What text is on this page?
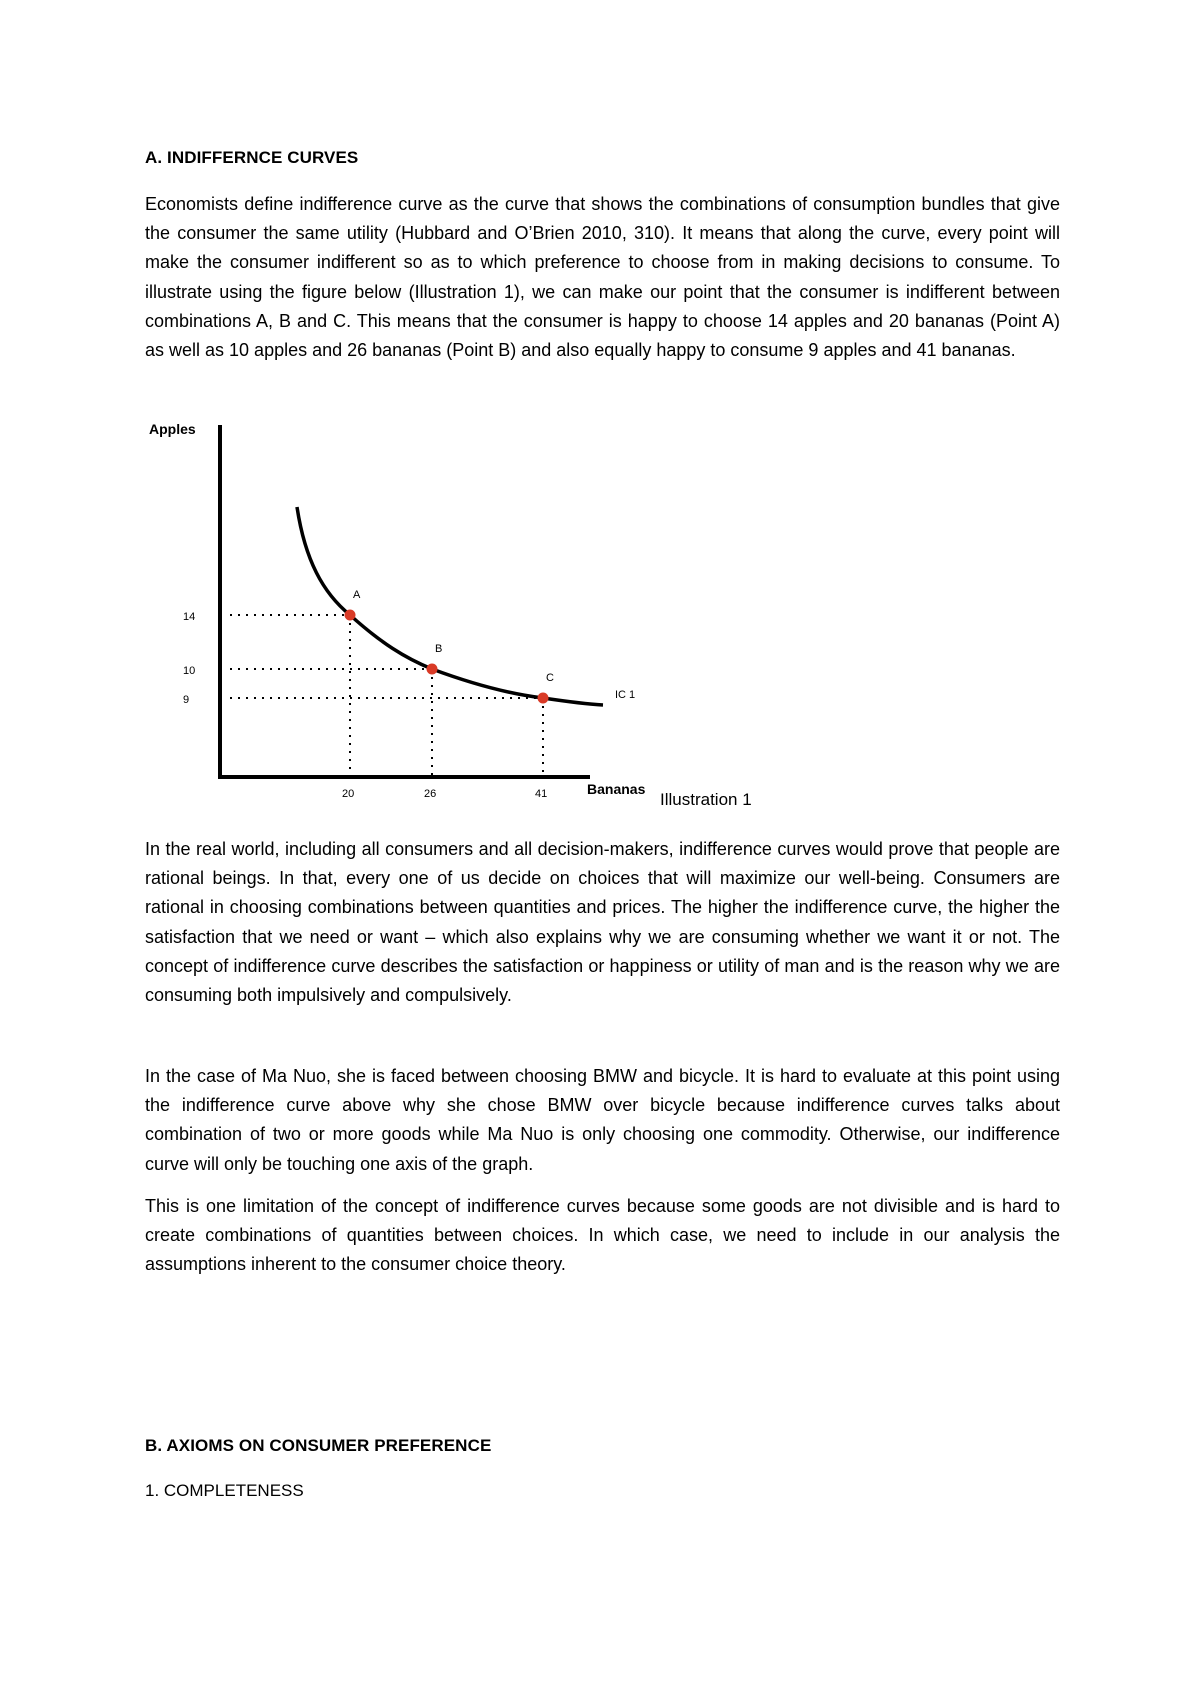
A. INDIFFERNCE CURVES

Economists define indifference curve as the curve that shows the combinations of consumption bundles that give the consumer the same utility (Hubbard and O’Brien 2010, 310). It means that along the curve, every point will make the consumer indifferent so as to which preference to choose from in making decisions to consume. To illustrate using the figure below (Illustration 1), we can make our point that the consumer is indifferent between combinations A, B and C. This means that the consumer is happy to choose 14 apples and 20 bananas (Point A) as well as 10 apples and 26 bananas (Point B) and also equally happy to consume 9 apples and 41 bananas.

Apples
Bananas
A
14
20
B
10
26
C
9
41
IC 1

Illustration 1

In the real world, including all consumers and all decision-makers, indifference curves would prove that people are rational beings. In that, every one of us decide on choices that will maximize our well-being. Consumers are rational in choosing combinations between quantities and prices. The higher the indifference curve, the higher the satisfaction that we need or want – which also explains why we are consuming whether we want it or not. The concept of indifference curve describes the satisfaction or happiness or utility of man and is the reason why we are consuming both impulsively and compulsively.

In the case of Ma Nuo, she is faced between choosing BMW and bicycle. It is hard to evaluate at this point using the indifference curve above why she chose BMW over bicycle because indifference curves talks about combination of two or more goods while Ma Nuo is only choosing one commodity. Otherwise, our indifference curve will only be touching one axis of the graph.

This is one limitation of the concept of indifference curves because some goods are not divisible and is hard to create combinations of quantities between choices. In which case, we need to include in our analysis the assumptions inherent to the consumer choice theory.

B. AXIOMS ON CONSUMER PREFERENCE

1. COMPLETENESS
